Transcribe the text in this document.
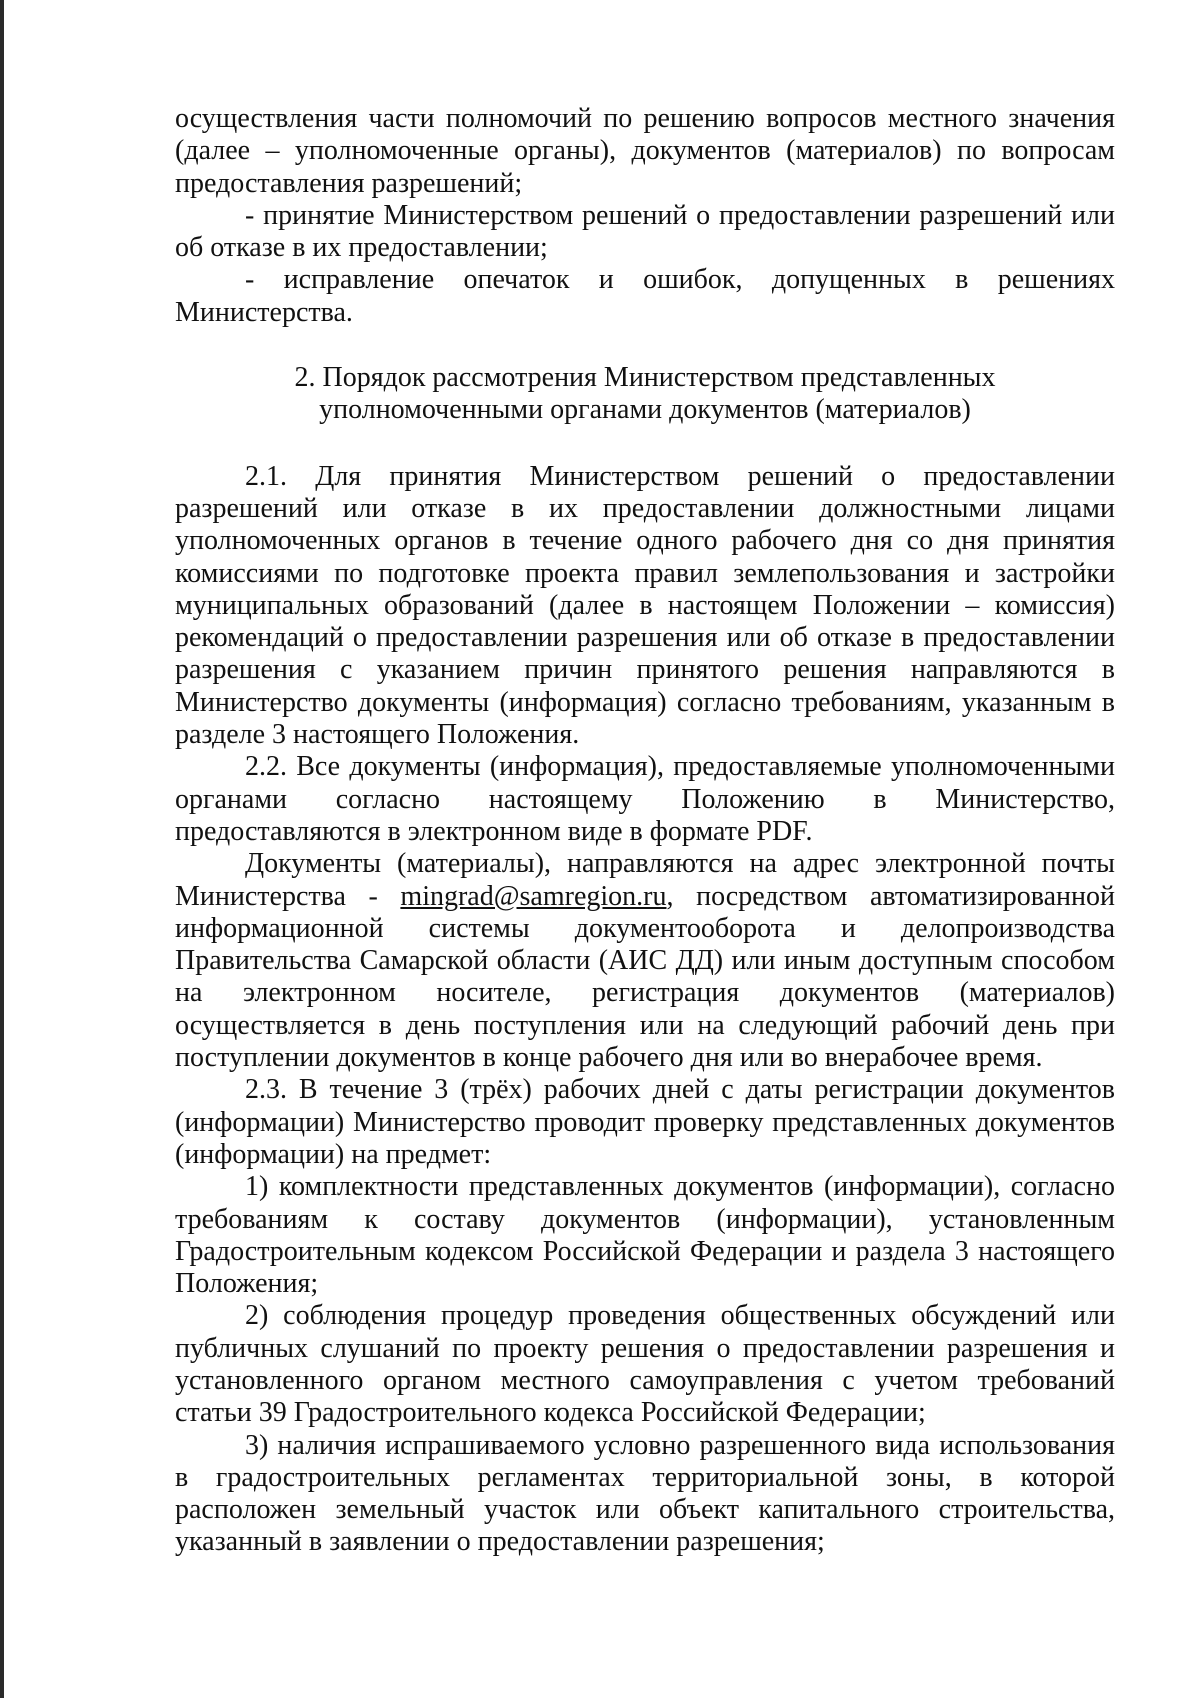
осуществления части полномочий по решению вопросов местного значения (далее – уполномоченные органы), документов (материалов) по вопросам предоставления разрешений;

- принятие Министерством решений о предоставлении разрешений или об отказе в их предоставлении;

- исправление опечаток и ошибок, допущенных в решениях Министерства.

2. Порядок рассмотрения Министерством представленных
уполномоченными органами документов (материалов)

2.1. Для принятия Министерством решений о предоставлении разрешений или отказе в их предоставлении должностными лицами уполномоченных органов в течение одного рабочего дня со дня принятия комиссиями по подготовке проекта правил землепользования и застройки муниципальных образований (далее в настоящем Положении – комиссия) рекомендаций о предоставлении разрешения или об отказе в предоставлении разрешения с указанием причин принятого решения направляются в Министерство документы (информация) согласно требованиям, указанным в разделе 3 настоящего Положения.

2.2. Все документы (информация), предоставляемые уполномоченными органами согласно настоящему Положению в Министерство, предоставляются в электронном виде в формате PDF.

Документы (материалы), направляются на адрес электронной почты Министерства - mingrad@samregion.ru, посредством автоматизированной информационной системы документооборота и делопроизводства Правительства Самарской области (АИС ДД) или иным доступным способом на электронном носителе, регистрация документов (материалов) осуществляется в день поступления или на следующий рабочий день при поступлении документов в конце рабочего дня или во внерабочее время.

2.3. В течение 3 (трёх) рабочих дней с даты регистрации документов (информации) Министерство проводит проверку представленных документов (информации) на предмет:

1) комплектности представленных документов (информации), согласно требованиям к составу документов (информации), установленным Градостроительным кодексом Российской Федерации и раздела 3 настоящего Положения;

2) соблюдения процедур проведения общественных обсуждений или публичных слушаний по проекту решения о предоставлении разрешения и установленного органом местного самоуправления с учетом требований статьи 39 Градостроительного кодекса Российской Федерации;

3) наличия испрашиваемого условно разрешенного вида использования в градостроительных регламентах территориальной зоны, в которой расположен земельный участок или объект капитального строительства, указанный в заявлении о предоставлении разрешения;
